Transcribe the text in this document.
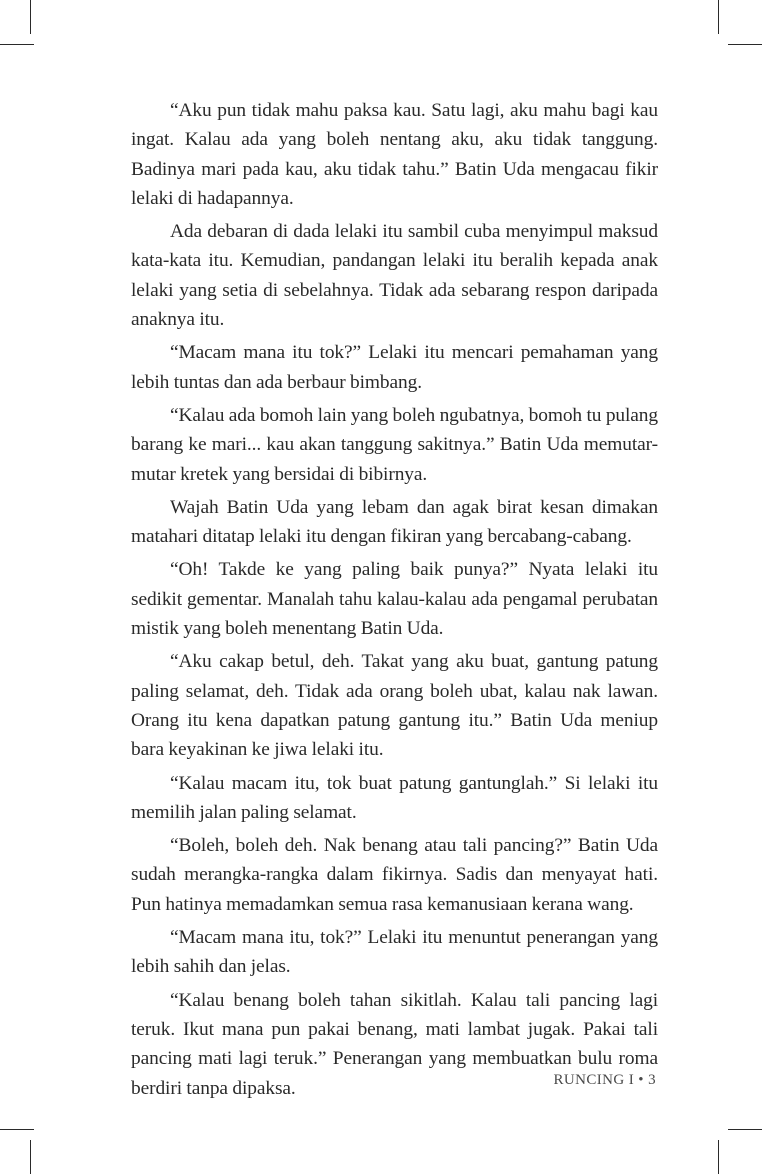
“Aku pun tidak mahu paksa kau. Satu lagi, aku mahu bagi kau ingat. Kalau ada yang boleh nentang aku, aku tidak tanggung. Badinya mari pada kau, aku tidak tahu.” Batin Uda mengacau fikir lelaki di hadapannya.

Ada debaran di dada lelaki itu sambil cuba menyimpul maksud kata-kata itu. Kemudian, pandangan lelaki itu beralih kepada anak lelaki yang setia di sebelahnya. Tidak ada sebarang respon daripada anaknya itu.

“Macam mana itu tok?” Lelaki itu mencari pemahaman yang lebih tuntas dan ada berbaur bimbang.

“Kalau ada bomoh lain yang boleh ngubatnya, bomoh tu pulang barang ke mari... kau akan tanggung sakitnya.” Batin Uda memutar-mutar kretek yang bersidai di bibirnya.

Wajah Batin Uda yang lebam dan agak birat kesan dimakan matahari ditatap lelaki itu dengan fikiran yang bercabang-cabang.

“Oh! Takde ke yang paling baik punya?” Nyata lelaki itu sedikit gementar. Manalah tahu kalau-kalau ada pengamal perubatan mistik yang boleh menentang Batin Uda.

“Aku cakap betul, deh. Takat yang aku buat, gantung patung paling selamat, deh. Tidak ada orang boleh ubat, kalau nak lawan. Orang itu kena dapatkan patung gantung itu.” Batin Uda meniup bara keyakinan ke jiwa lelaki itu.

“Kalau macam itu, tok buat patung gantunglah.” Si lelaki itu memilih jalan paling selamat.

“Boleh, boleh deh. Nak benang atau tali pancing?” Batin Uda sudah merangka-rangka dalam fikirnya. Sadis dan menyayat hati. Pun hatinya memadamkan semua rasa kemanusiaan kerana wang.

“Macam mana itu, tok?” Lelaki itu menuntut penerangan yang lebih sahih dan jelas.

“Kalau benang boleh tahan sikitlah. Kalau tali pancing lagi teruk. Ikut mana pun pakai benang, mati lambat jugak. Pakai tali pancing mati lagi teruk.” Penerangan yang membuatkan bulu roma berdiri tanpa dipaksa.	RUNCING I • 3
